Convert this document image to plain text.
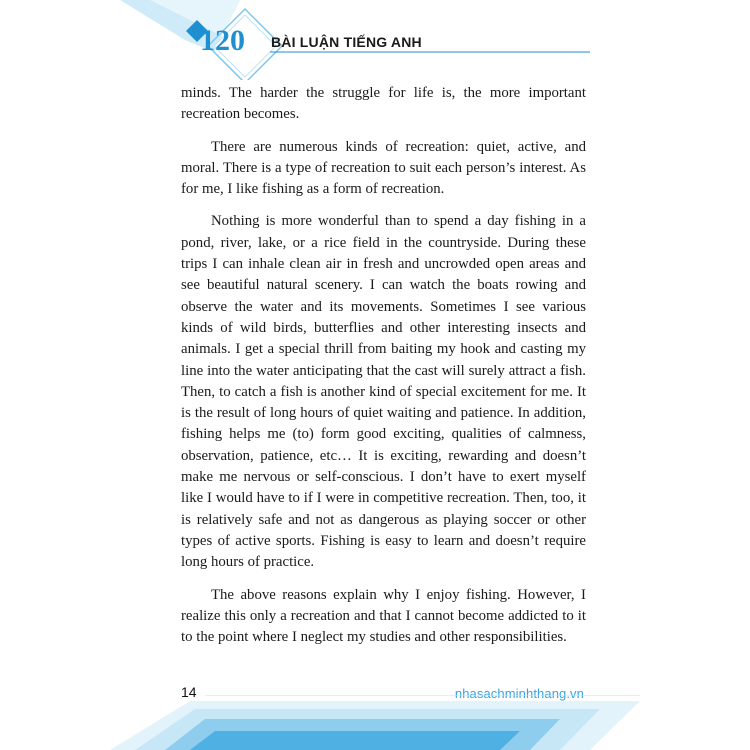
120 BÀI LUẬN TIẾNG ANH

minds. The harder the struggle for life is, the more important recreation becomes.

There are numerous kinds of recreation: quiet, active, and moral. There is a type of recreation to suit each person’s interest. As for me, I like fishing as a form of recreation.

Nothing is more wonderful than to spend a day fishing in a pond, river, lake, or a rice field in the countryside. During these trips I can inhale clean air in fresh and uncrowded open areas and see beautiful natural scenery. I can watch the boats rowing and observe the water and its movements. Sometimes I see various kinds of wild birds, butterflies and other interesting insects and animals. I get a special thrill from baiting my hook and casting my line into the water anticipating that the cast will surely attract a fish. Then, to catch a fish is another kind of special excitement for me. It is the result of long hours of quiet waiting and patience. In addition, fishing helps me (to) form good exciting, qualities of calmness, observation, patience, etc… It is exciting, rewarding and doesn’t make me nervous or self-conscious. I don’t have to exert myself like I would have to if I were in competitive recreation. Then, too, it is relatively safe and not as dangerous as playing soccer or other types of active sports. Fishing is easy to learn and doesn’t require long hours of practice.

The above reasons explain why I enjoy fishing. However, I realize this only a recreation and that I cannot become addicted to it to the point where I neglect my studies and other responsibilities.

14	nhasachminhthang.vn
